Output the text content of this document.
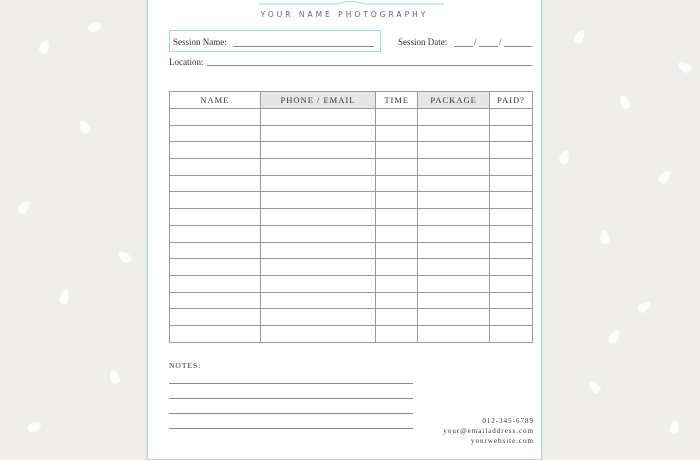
YOUR NAME PHOTOGRAPHY
Session Name:	Session Date:	/ /
Location:
NAME	PHONE / EMAIL	TIME	PACKAGE	PAID?

NOTES:
012-345-6789
your@emailaddress.com
yourwebsite.com
